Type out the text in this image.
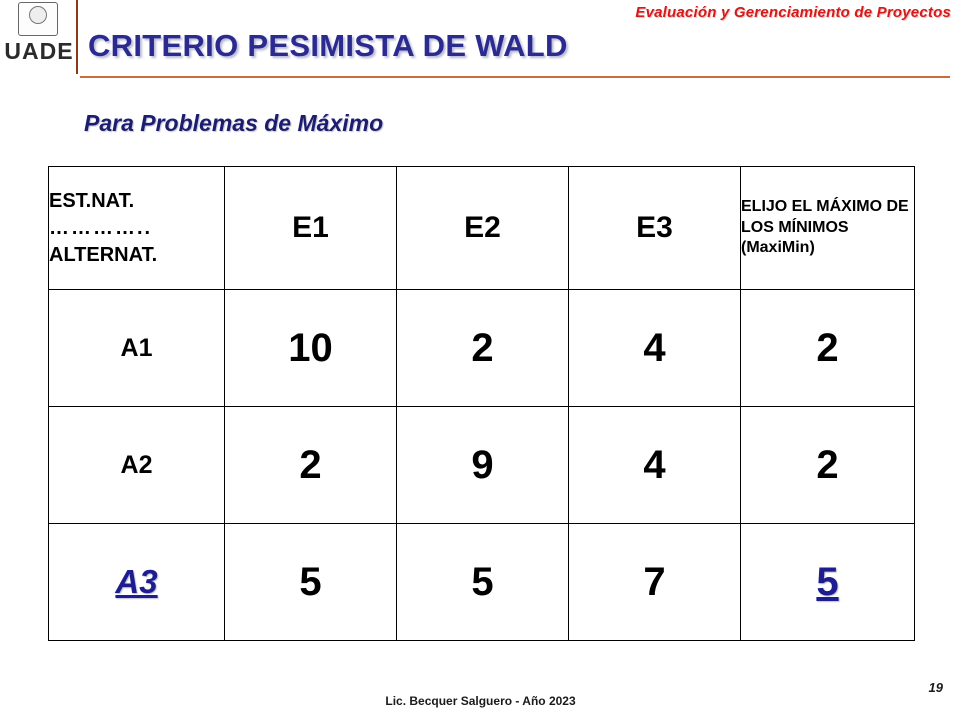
UADE
Evaluación y Gerenciamiento de Proyectos
CRITERIO PESIMISTA DE WALD
Para Problemas de Máximo
EST.NAT.
…………..
ALTERNAT.	E1	E2	E3	ELIJO EL MÁXIMO DE LOS MÍNIMOS (MaxiMin)
A1	10	2	4	2
A2	2	9	4	2
A3	5	5	7	5
Lic. Becquer Salguero - Año 2023
19
